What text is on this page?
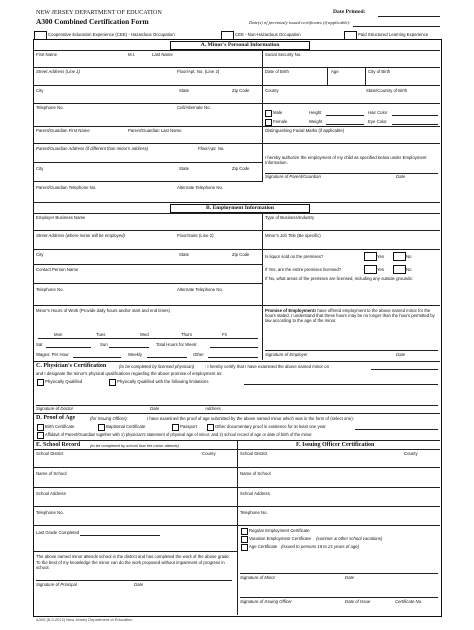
NEW JERSEY DEPARTMENT OF EDUCATION	Date Printed:
A300 Combined Certification Form	Date(s) of previously issued certificates (if applicable):
Cooperative Education Experience (CEE) - Hazardous Occupation	CEE - Non-Hazardous Occupation	Paid Structured Learning Experience
A. Minor's Personal Information
First Name	M.I.	Last Name	Social Security No.
Street Address (Line 1)	Floor/Apt. No. (Line 2)	Date of Birth	Age	City of Birth
City	State	Zip Code	County	State/Country of Birth
Telephone No.	Cell/Alternate No.
Male
Female
Height
Weight
Hair Color
Eye Color
Parent/Guardian First Name	Parent/Guardian Last Name	Distinguishing Facial Marks (if applicable)
Parent/Guardian Address (if different than minor's address)	Floor/Apt. No.
I hereby authorize the employment of my child as specified below under Employment Information.
City	State	Zip Code
Signature of Parent/Guardian	Date
Parent/Guardian Telephone No.	Alternate Telephone No.
B. Employment Information
Employer Business Name	Type of Business/Industry
Street Address (where minor will be employed)	Floor/Suite (Line 2)	Minor's Job Title (Be specific)
City	State	Zip Code	Is liquor sold on the premises?	Yes	No
Contact Person Name	If Yes, are the entire premises licensed?	Yes	No
If No, what areas of the premises are licensed, including any outside grounds:
Telephone No.	Alternate Telephone No.
Minor's Hours of Work (Provide daily hours and/or start and end times)	Promise of Employment: I have offered employment to the above named minor for the hours stated. I understand that these hours may be no longer than the hours permitted by law according to the age of the minor.
Mon	Tues	Wed	Thurs	Fri
Sat	Sun	Total Hours for Week:
Wages: Per Hour	Weekly	Other	Signature of Employer	Date
C. Physician's Certification	(to be completed by licensed physician)	: I hereby certify that I have examined the above named minor on
and I designate the minor's physical qualifications regarding the above promise of employment as:
Physically Qualified	Physically Qualified with the following limitations
Signature of Doctor	Date	Address
D. Proof of Age	(for Issuing Officer):	I have examined the proof of age submitted by the above named minor which was in the form of (select one):
Birth Certificate	Baptismal Certificate	Passport	Other documentary proof in existence for at least one year
Affidavit of Parent/Guardian together with 1) physician's statement of physical age of minor; and 2) school record of age or date of birth of the minor.
E. School Record (to be completed by school that the minor attends)	F. Issuing Officer Certification
School District	County	School District	County
Name of School	Name of School
School Address	School Address
Telephone No.	Telephone No.
Last Grade Completed	Regular Employment Certificate
Vacation Employment Certificate (summer & other school vacations)
Age Certificate (issued to persons 18 to 21 years of age)
The above named minor attends school in the district and has completed the work of the above grade. To the best of my knowledge the minor can do the work proposed without impairment of progress in school.
Signature of Minor	Date
Signature of Principal	Date
Signature of Issuing Officer	Date of Issue	Certificate No.
A300 (8-9-2012) New Jersey Department of Education
